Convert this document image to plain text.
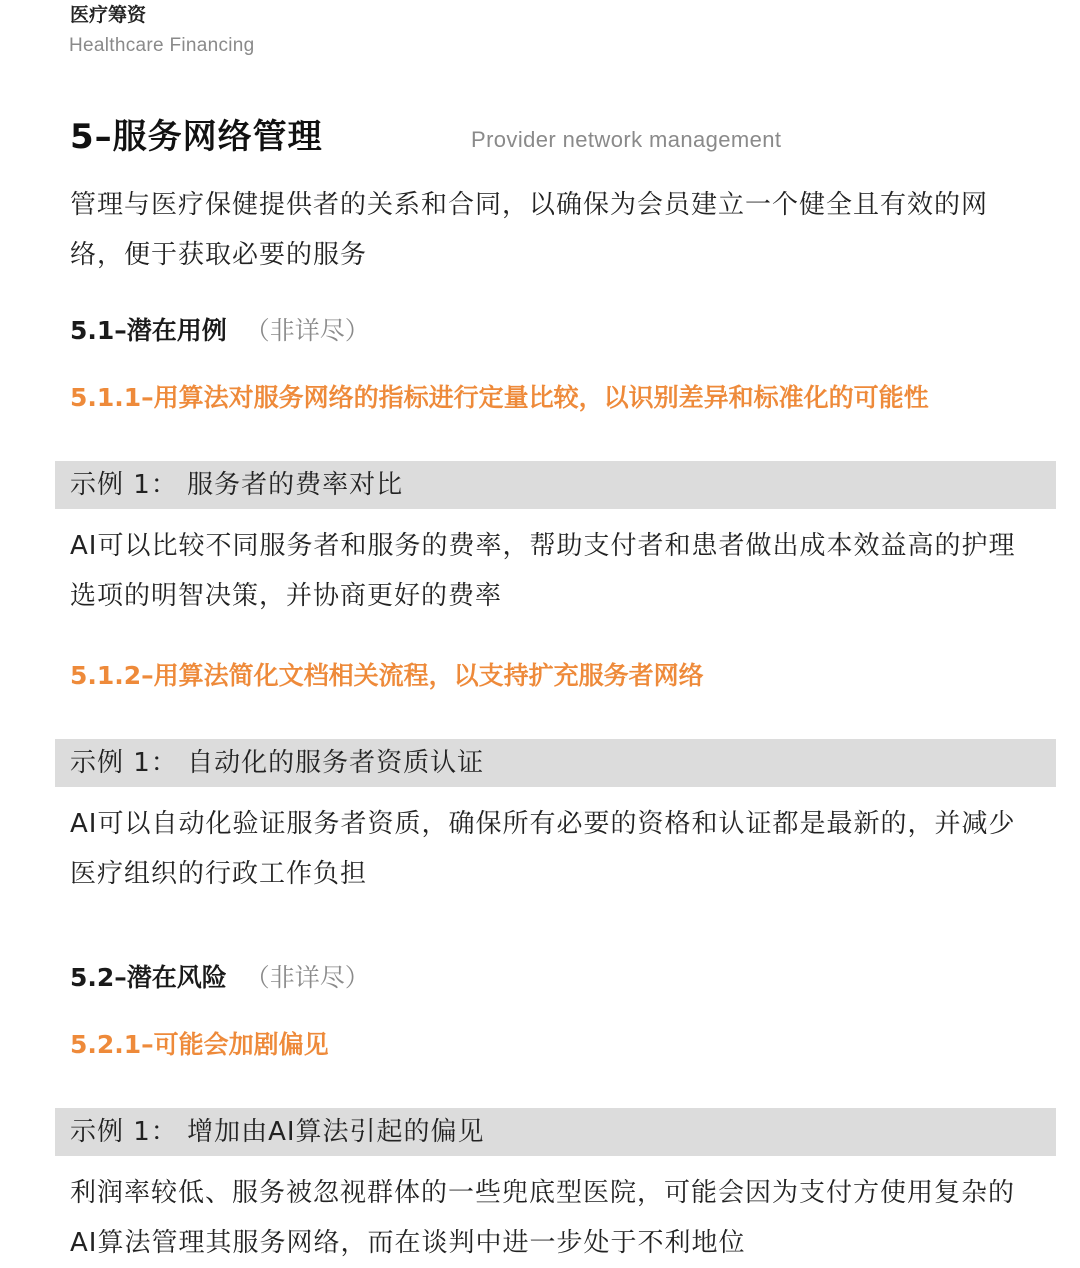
医疗筹资
Healthcare Financing
5–服务网络管理	Provider network management
管理与医疗保健提供者的关系和合同，以确保为会员建立一个健全且有效的网络，便于获取必要的服务
5.1–潜在用例 （非详尽）
5.1.1–用算法对服务网络的指标进行定量比较，以识别差异和标准化的可能性
示例 1： 服务者的费率对比
AI可以比较不同服务者和服务的费率，帮助支付者和患者做出成本效益高的护理选项的明智决策，并协商更好的费率
5.1.2–用算法简化文档相关流程，以支持扩充服务者网络
示例 1： 自动化的服务者资质认证
AI可以自动化验证服务者资质，确保所有必要的资格和认证都是最新的，并减少医疗组织的行政工作负担
5.2–潜在风险 （非详尽）
5.2.1–可能会加剧偏见
示例 1： 增加由AI算法引起的偏见
利润率较低、服务被忽视群体的一些兜底型医院，可能会因为支付方使用复杂的AI算法管理其服务网络，而在谈判中进一步处于不利地位
